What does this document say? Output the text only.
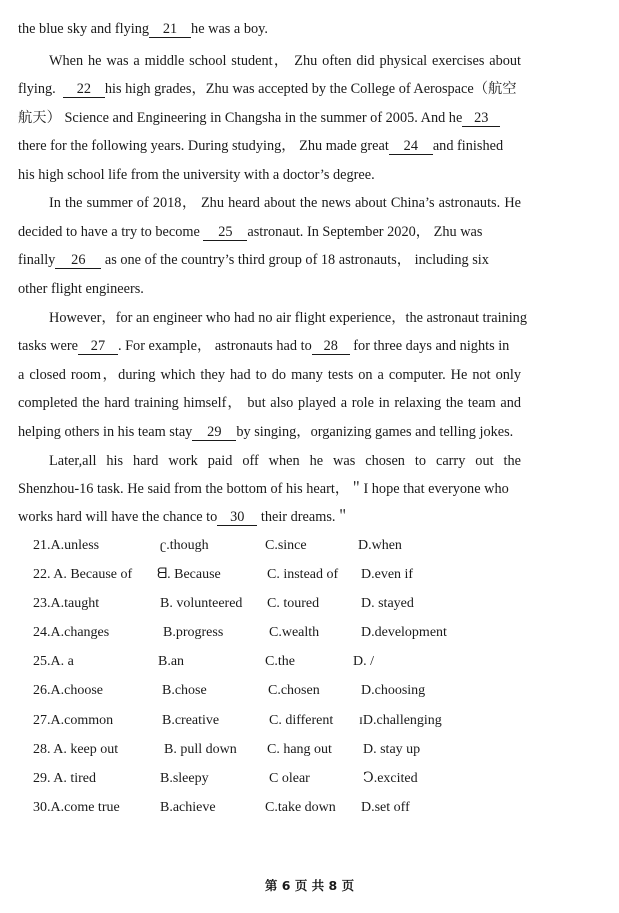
the blue sky and flying 21 he was a boy.
When he was a middle school student， Zhu often did physical exercises about
flying. 22 his high grades，Zhu was accepted by the College of Aerospace（航空
航天） Science and Engineering in Changsha in the summer of 2005. And he 23
there for the following years. During studying， Zhu made great 24 and finished
his high school life from the university with a doctor’s degree.
In the summer of 2018， Zhu heard about the news about China’s astronauts. He
decided to have a try to become 25 astronaut. In September 2020， Zhu was
finally 26 as one of the country’s third group of 18 astronauts， including six
other flight engineers.
However，for an engineer who had no air flight experience，the astronaut training
tasks were 27 . For example， astronauts had to 28 for three days and nights in
a closed room，during which they had to do many tests on a computer. He not only
completed the hard training himself， but also played a role in relaxing the team and
helping others in his team stay 29 by singing，organizing games and telling jokes.
Later,all his hard work paid off when he was chosen to carry out the
Shenzhou-16 task. He said from the bottom of his heart，＂I hope that everyone who
works hard will have the chance to 30 their dreams.＂
21.A.unless	ʗ.though	C.since	D.when
22. A. Because of ᗺ. Because	C. instead of D.even if
23.A.taught	B. volunteered C. toured	D. stayed
24.A.changes	B.progress	C.wealth	D.development
25.A. a	B.an	C.the	D. /
26.A.choose	B.chose	C.chosen	D.choosing
27.A.common	B.creative	C. different ɪD.challenging
28. A. keep out	B. pull down C. hang out D. stay up
29. A. tired	B.sleepy	C olear	Ↄ.excited
30.A.come true	B.achieve	C.take down D.set off
第 6 页 共 8 页
